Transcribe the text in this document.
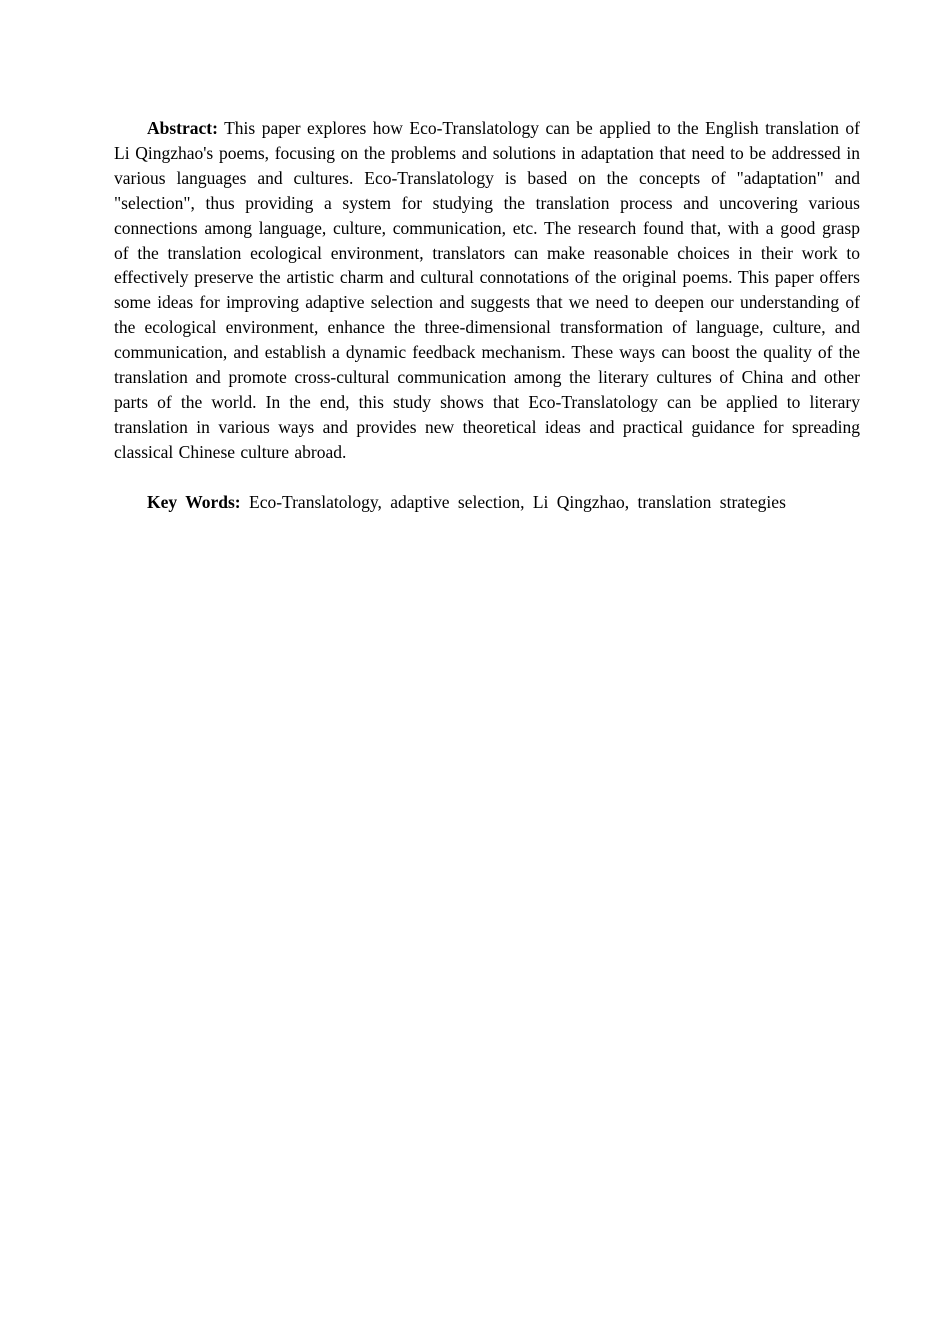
Abstract: This paper explores how Eco-Translatology can be applied to the English translation of Li Qingzhao's poems, focusing on the problems and solutions in adaptation that need to be addressed in various languages and cultures. Eco-Translatology is based on the concepts of "adaptation" and "selection", thus providing a system for studying the translation process and uncovering various connections among language, culture, communication, etc. The research found that, with a good grasp of the translation ecological environment, translators can make reasonable choices in their work to effectively preserve the artistic charm and cultural connotations of the original poems. This paper offers some ideas for improving adaptive selection and suggests that we need to deepen our understanding of the ecological environment, enhance the three-dimensional transformation of language, culture, and communication, and establish a dynamic feedback mechanism. These ways can boost the quality of the translation and promote cross-cultural communication among the literary cultures of China and other parts of the world. In the end, this study shows that Eco-Translatology can be applied to literary translation in various ways and provides new theoretical ideas and practical guidance for spreading classical Chinese culture abroad.

Key Words: Eco-Translatology, adaptive selection, Li Qingzhao, translation strategies
